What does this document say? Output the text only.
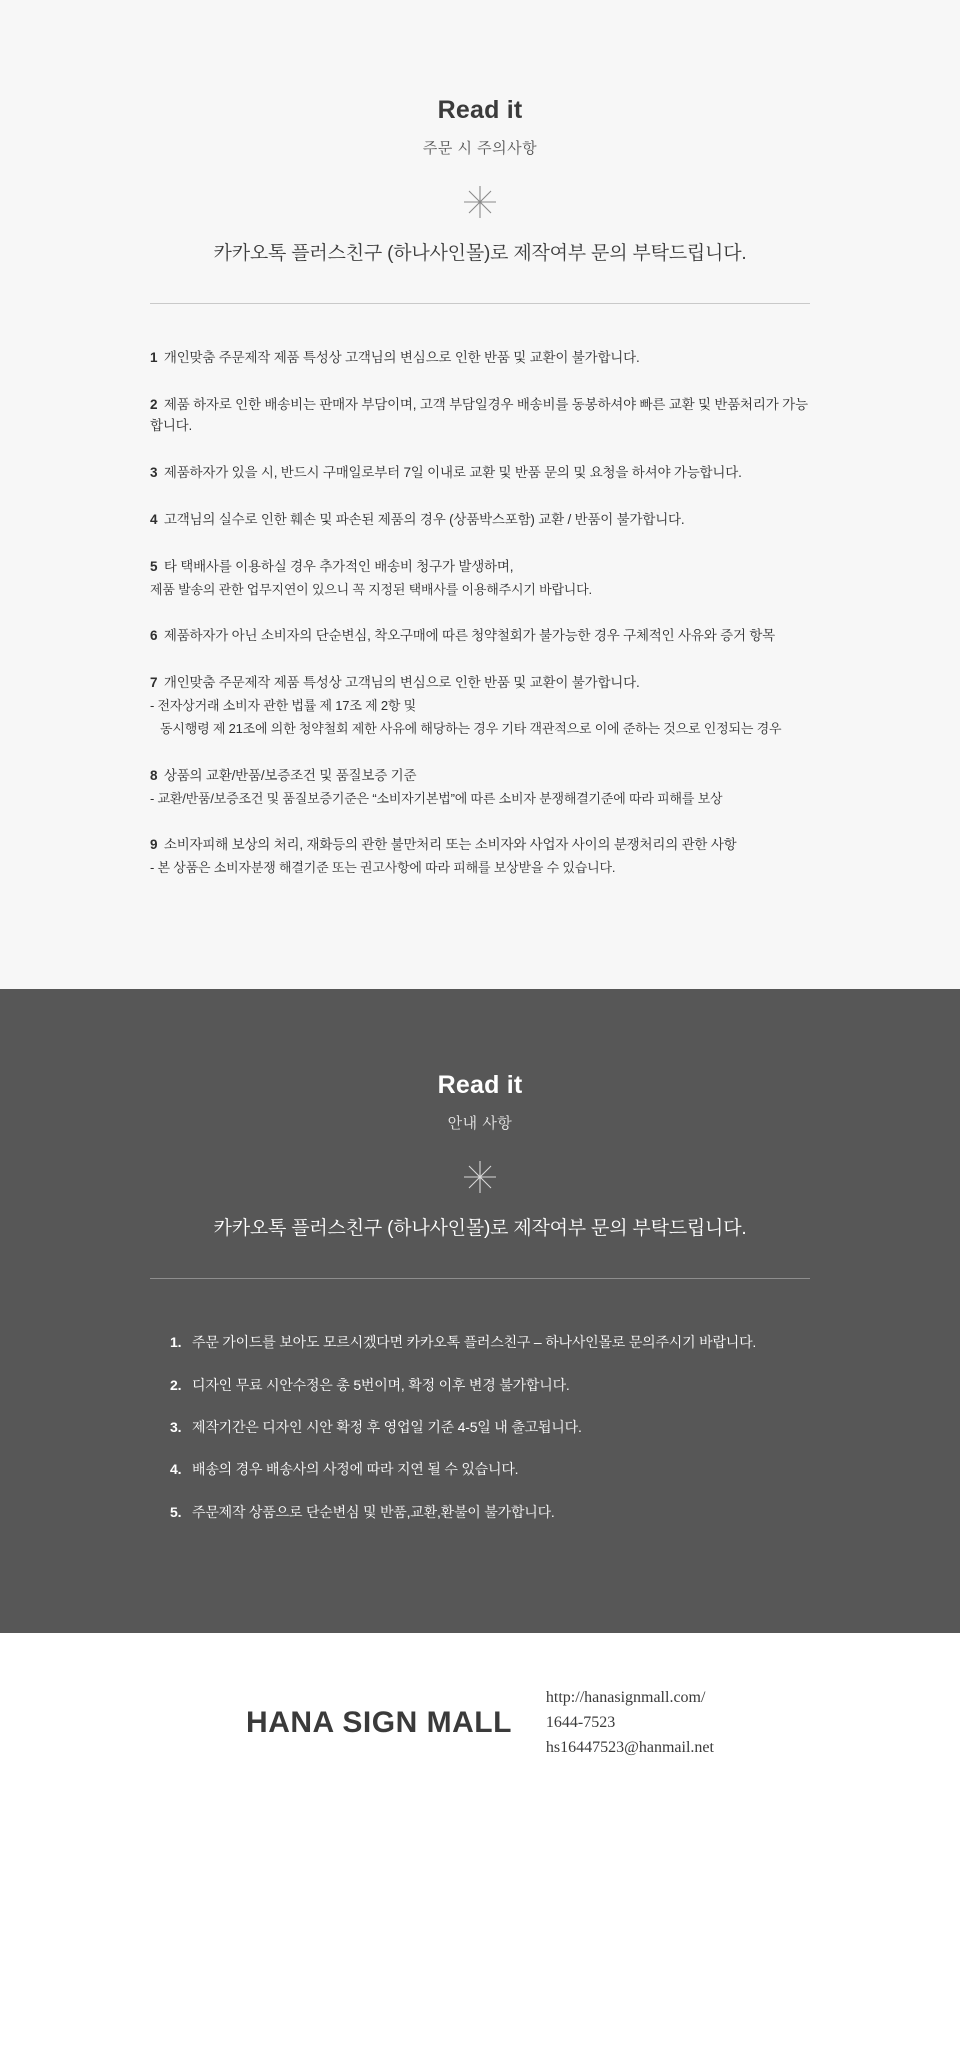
Read it

주문 시 주의사항

카카오톡 플러스친구 (하나사인몰)로 제작여부 문의 부탁드립니다.

1 개인맞춤 주문제작 제품 특성상 고객님의 변심으로 인한 반품 및 교환이 불가합니다.
2 제품 하자로 인한 배송비는 판매자 부담이며, 고객 부담일경우 배송비를 동봉하셔야 빠른 교환 및 반품처리가 가능합니다.
3 제품하자가 있을 시, 반드시 구매일로부터 7일 이내로 교환 및 반품 문의 및 요청을 하셔야 가능합니다.
4 고객님의 실수로 인한 훼손 및 파손된 제품의 경우 (상품박스포함) 교환 / 반품이 불가합니다.
5 타 택배사를 이용하실 경우 추가적인 배송비 청구가 발생하며,
제품 발송의 관한 업무지연이 있으니 꼭 지정된 택배사를 이용해주시기 바랍니다.
6 제품하자가 아닌 소비자의 단순변심, 착오구매에 따른 청약철회가 불가능한 경우 구체적인 사유와 증거 항목
7 개인맞춤 주문제작 제품 특성상 고객님의 변심으로 인한 반품 및 교환이 불가합니다.
- 전자상거래 소비자 관한 법률 제 17조 제 2항 및
동시행령 제 21조에 의한 청약철회 제한 사유에 해당하는 경우 기타 객관적으로 이에 준하는 것으로 인정되는 경우
8 상품의 교환/반품/보증조건 및 품질보증 기준
- 교환/반품/보증조건 및 품질보증기준은 “소비자기본법”에 따른 소비자 분쟁해결기준에 따라 피해를 보상
9 소비자피해 보상의 처리, 재화등의 관한 불만처리 또는 소비자와 사업자 사이의 분쟁처리의 관한 사항
- 본 상품은 소비자분쟁 해결기준 또는 권고사항에 따라 피해를 보상받을 수 있습니다.
Read it

안내 사항

카카오톡 플러스친구 (하나사인몰)로 제작여부 문의 부탁드립니다.

1. 주문 가이드를 보아도 모르시겠다면 카카오톡 플러스친구 – 하나사인몰로 문의주시기 바랍니다.
2. 디자인 무료 시안수정은 총 5번이며, 확정 이후 변경 불가합니다.
3. 제작기간은 디자인 시안 확정 후 영업일 기준 4-5일 내 출고됩니다.
4. 배송의 경우 배송사의 사정에 따라 지연 될 수 있습니다.
5. 주문제작 상품으로 단순변심 및 반품,교환,환불이 불가합니다.
HANA SIGN MALL
http://hanasignmall.com/
1644-7523
hs16447523@hanmail.net
